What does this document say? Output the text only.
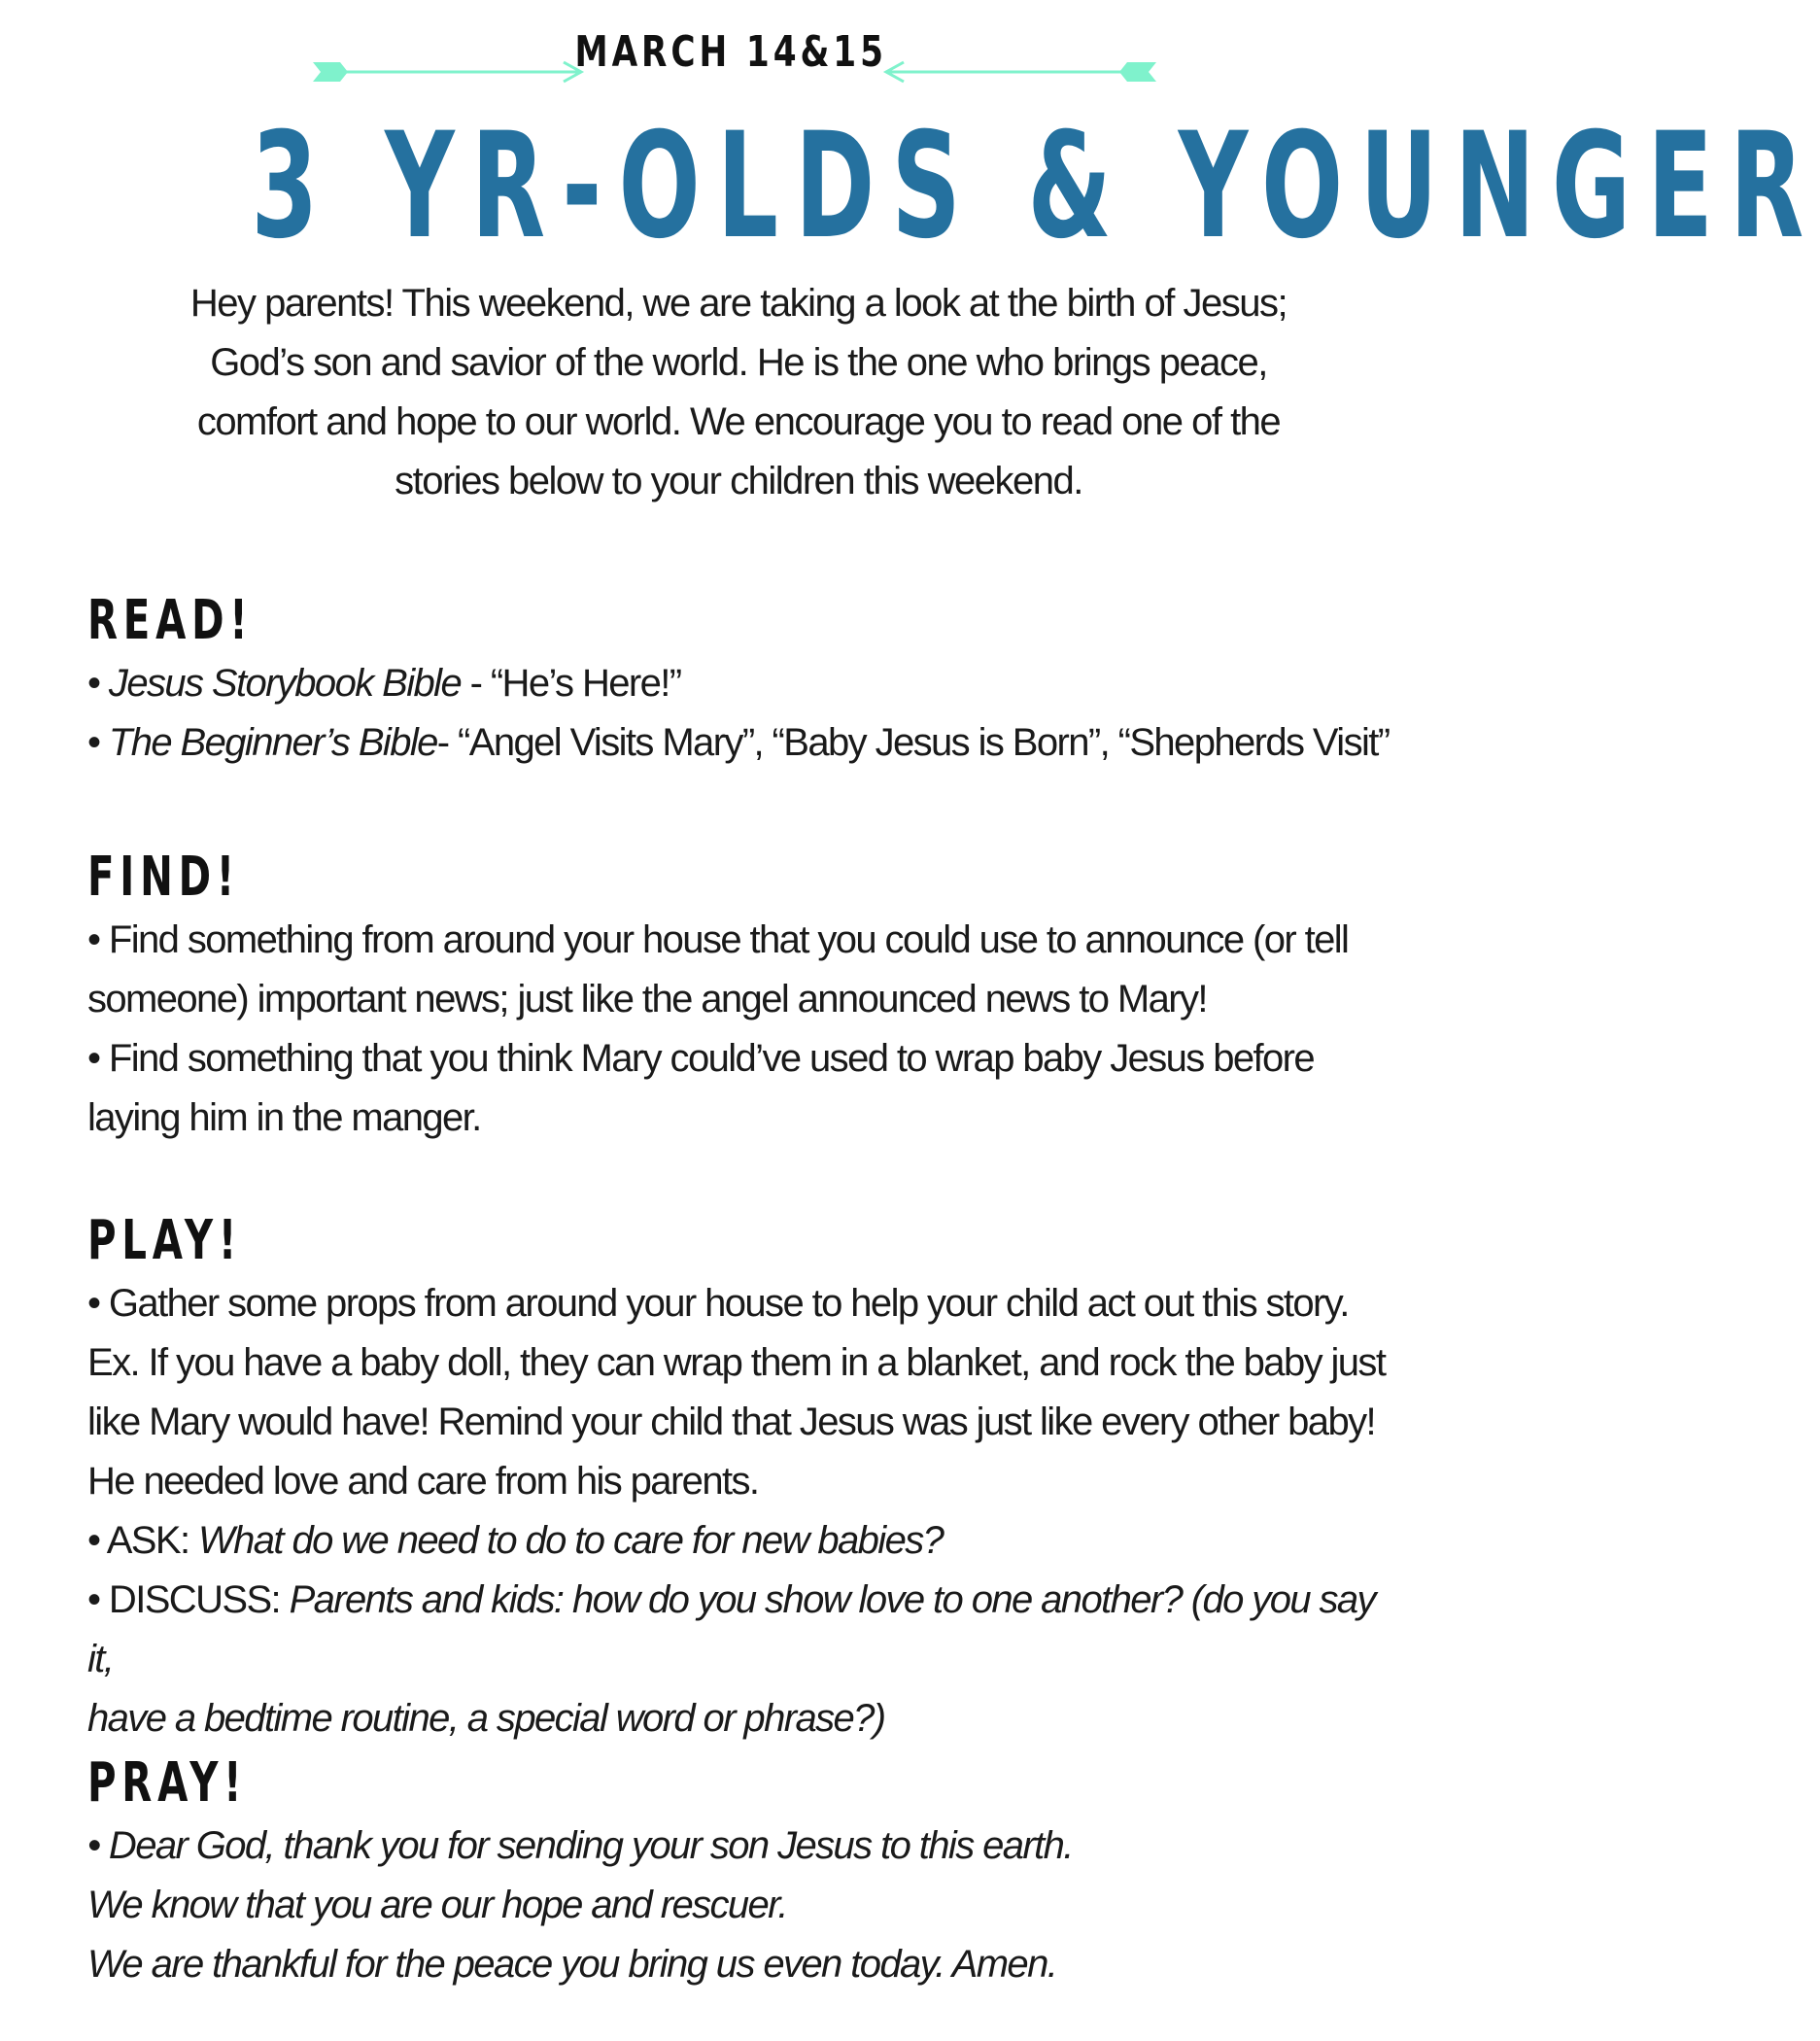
MARCH 14&15
3 YR-OLDS & YOUNGER
Hey parents! This weekend, we are taking a look at the birth of Jesus;
God’s son and savior of the world. He is the one who brings peace,
comfort and hope to our world. We encourage you to read one of the
stories below to your children this weekend.
READ!

• Jesus Storybook Bible - “He’s Here!”

• The Beginner’s Bible- “Angel Visits Mary”, “Baby Jesus is Born”, “Shepherds Visit”

FIND!

• Find something from around your house that you could use to announce (or tell

someone) important news; just like the angel announced news to Mary!

• Find something that you think Mary could’ve used to wrap baby Jesus before

laying him in the manger.

PLAY!

• Gather some props from around your house to help your child act out this story.

Ex. If you have a baby doll, they can wrap them in a blanket, and rock the baby just

like Mary would have! Remind your child that Jesus was just like every other baby!

He needed love and care from his parents.

• ASK: What do we need to do to care for new babies?

• DISCUSS: Parents and kids: how do you show love to one another? (do you say it,

have a bedtime routine, a special word or phrase?)

PRAY!

• Dear God, thank you for sending your son Jesus to this earth.

We know that you are our hope and rescuer.

We are thankful for the peace you bring us even today. Amen.
